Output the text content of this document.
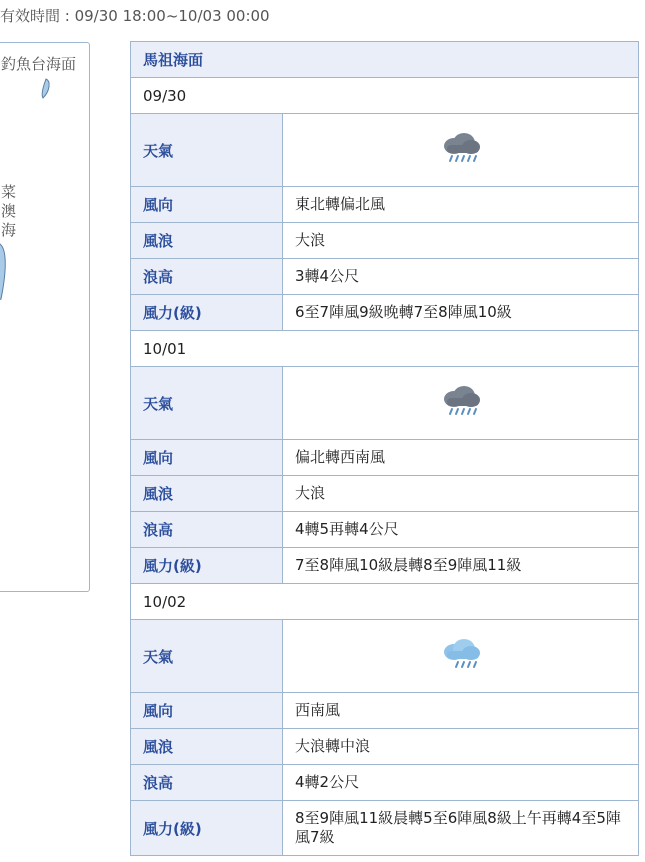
有效時間 : 09/30 18:00~10/03 00:00
釣魚台海面
菜澳海
馬祖海面	
09/30	
天氣	
風向	東北轉偏北風
風浪	大浪
浪高	3轉4公尺
風力(級)	6至7陣風9級晚轉7至8陣風10級
10/01	
天氣	
風向	偏北轉西南風
風浪	大浪
浪高	4轉5再轉4公尺
風力(級)	7至8陣風10級晨轉8至9陣風11級
10/02	
天氣	
風向	西南風
風浪	大浪轉中浪
浪高	4轉2公尺
風力(級)	8至9陣風11級晨轉5至6陣風8級上午再轉4至5陣風7級
